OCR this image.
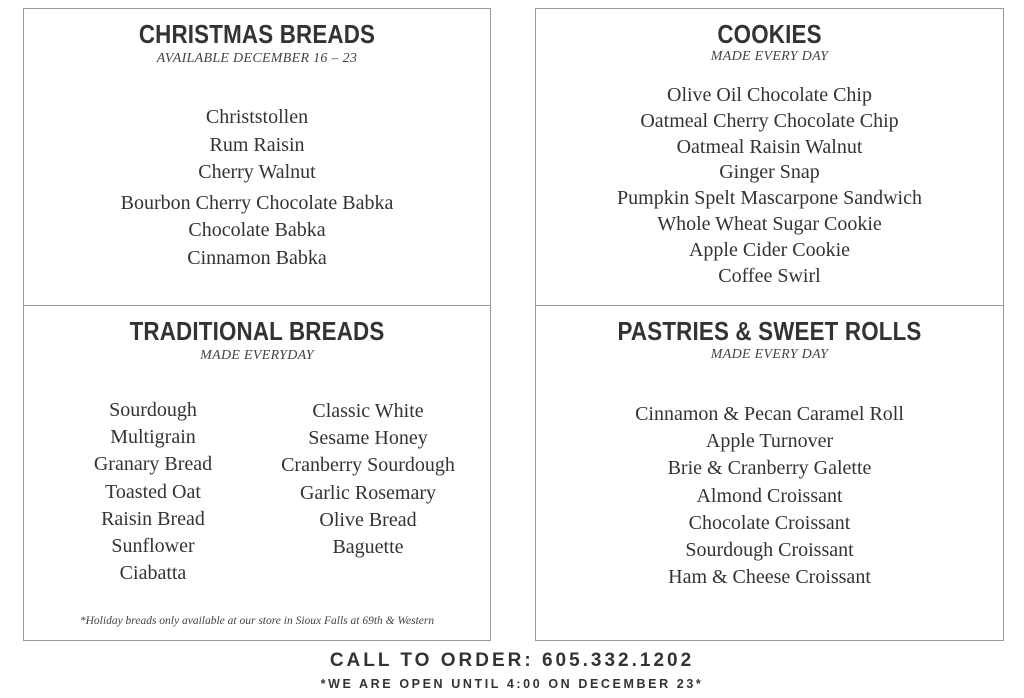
CHRISTMAS BREADS

AVAILABLE DECEMBER 16 – 23

Christstollen
Rum Raisin
Cherry Walnut
Bourbon Cherry Chocolate Babka
Chocolate Babka
Cinnamon Babka
COOKIES

MADE EVERY DAY

Olive Oil Chocolate Chip
Oatmeal Cherry Chocolate Chip
Oatmeal Raisin Walnut
Ginger Snap
Pumpkin Spelt Mascarpone Sandwich
Whole Wheat Sugar Cookie
Apple Cider Cookie
Coffee Swirl
TRADITIONAL BREADS

MADE EVERYDAY

Sourdough
Multigrain
Granary Bread
Toasted Oat
Raisin Bread
Sunflower
Ciabatta
Classic White
Sesame Honey
Cranberry Sourdough
Garlic Rosemary
Olive Bread
Baguette

*Holiday breads only available at our store in Sioux Falls at 69th & Western

PASTRIES & SWEET ROLLS

MADE EVERY DAY

Cinnamon & Pecan Caramel Roll
Apple Turnover
Brie & Cranberry Galette
Almond Croissant
Chocolate Croissant
Sourdough Croissant
Ham & Cheese Croissant

CALL TO ORDER: 605.332.1202

*WE ARE OPEN UNTIL 4:00 ON DECEMBER 23*
